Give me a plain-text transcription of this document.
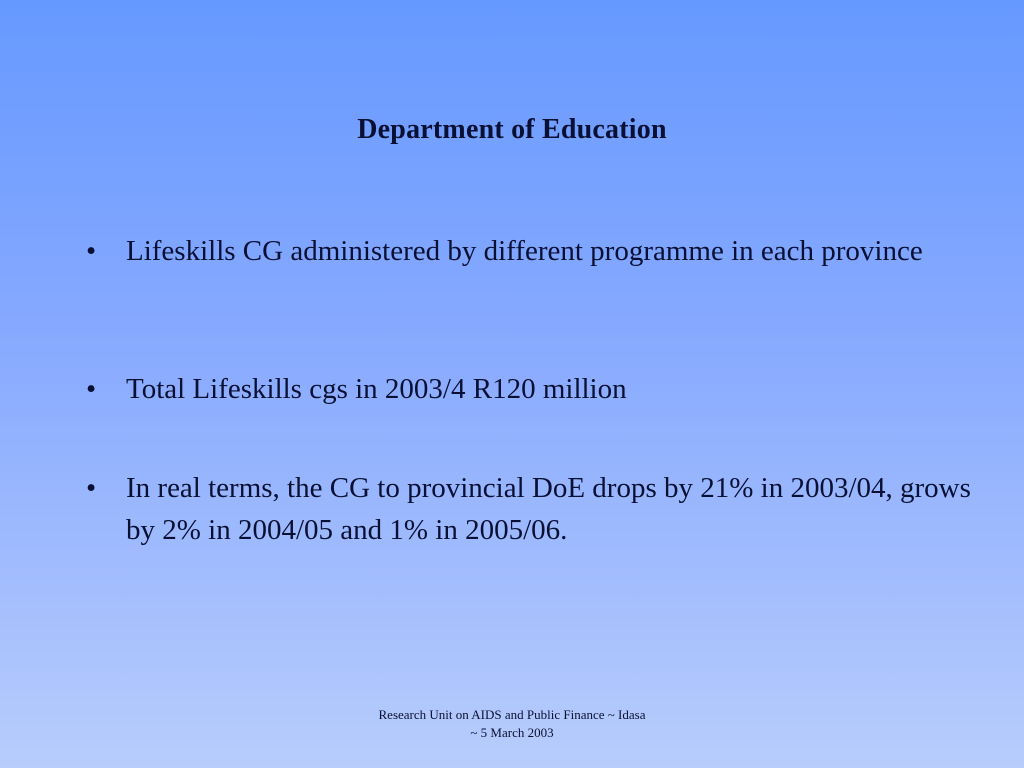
Department of Education
• Lifeskills CG administered by different programme in each province
• Total Lifeskills cgs in 2003/4 R120 million
• In real terms, the CG to provincial DoE drops by 21% in 2003/04, grows by 2% in 2004/05 and 1% in 2005/06.
Research Unit on AIDS and Public Finance ~ Idasa
~ 5 March 2003
